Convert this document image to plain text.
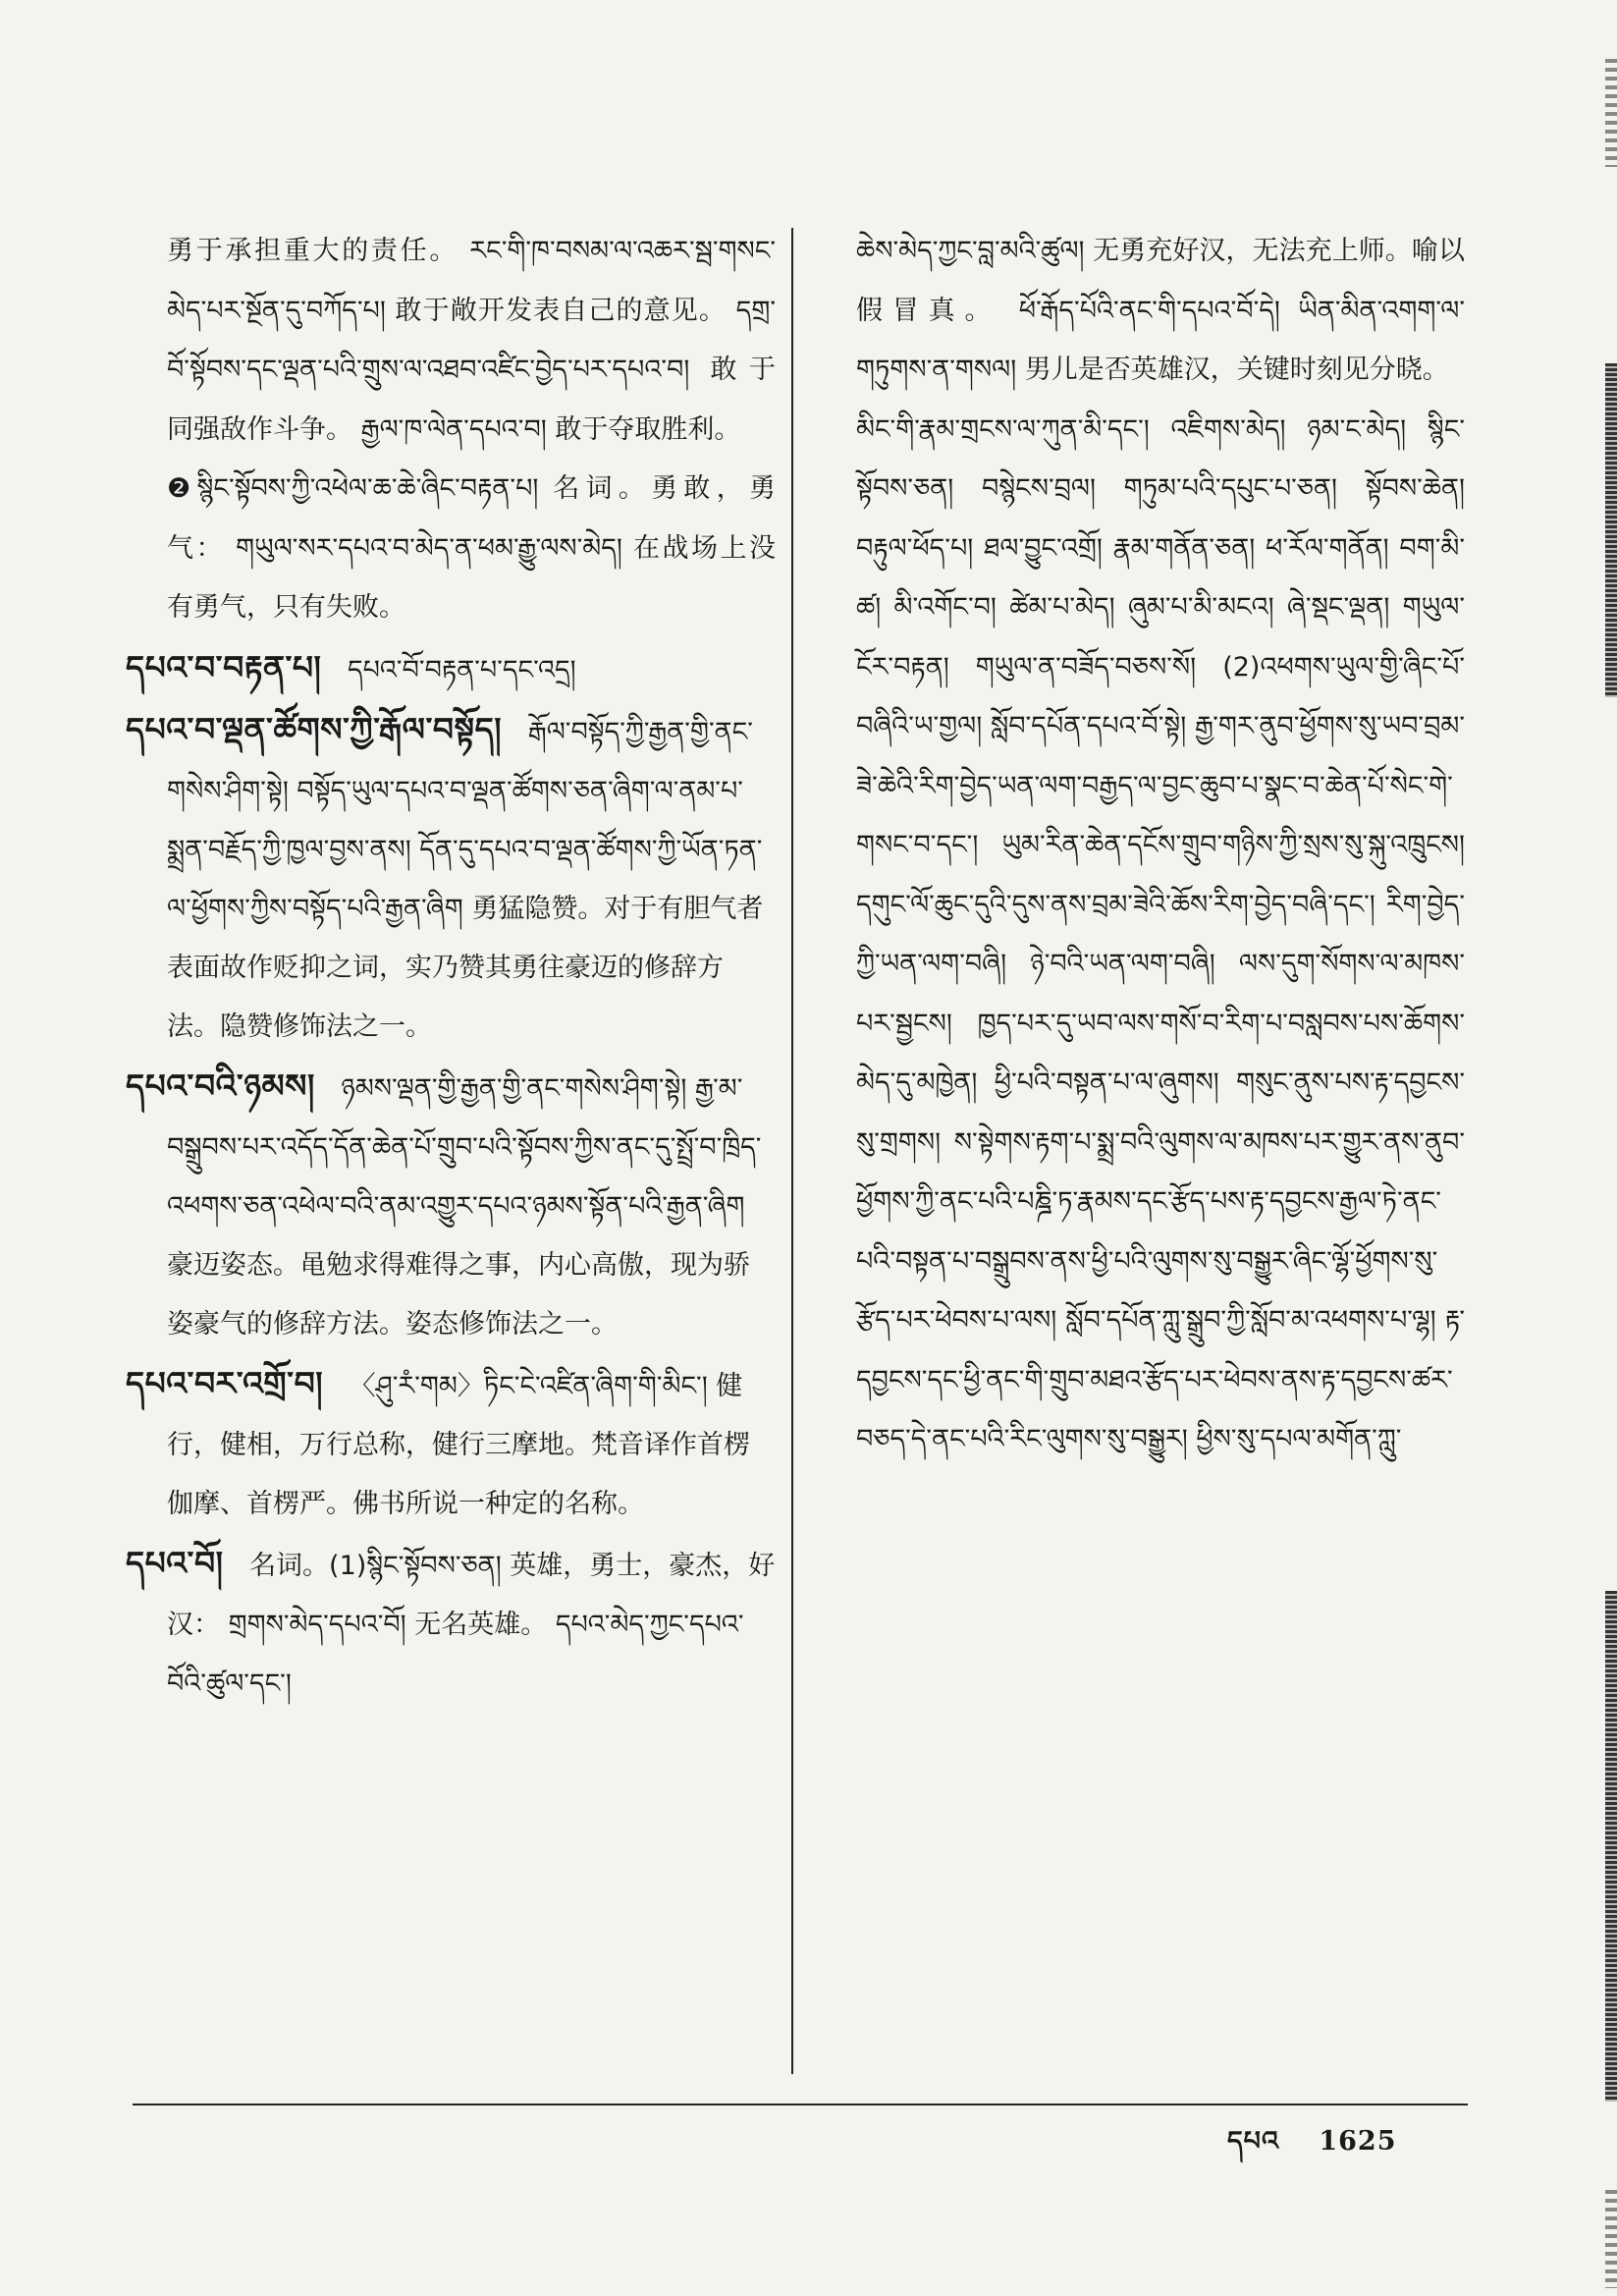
勇于承担重大的责任。 རང་གི་ཁ་བསམ་ལ་འཆར་སྦ་གསང་མེད་པར་སྔོན་དུ་བཀོད་པ། 敢于敞开发表自己的意见。 དགྲ་བོ་སྟོབས་དང་ལྡན་པའི་གྲུས་ལ་འཐབ་འཛིང་བྱེད་པར་དཔའ་བ། 敢于同强敌作斗争。 རྒྱལ་ཁ་ལེན་དཔའ་བ། 敢于夺取胜利。

❷སྙིང་སྟོབས་ཀྱི་འཕེལ་ཆ་ཆེ་ཞིང་བརྟན་པ། 名词。勇敢，勇气： གཡུལ་སར་དཔའ་བ་མེད་ན་ཕམ་རྒྱུ་ལས་མེད། 在战场上没有勇气，只有失败。

དཔའ་བ་བརྟན་པ། དཔའ་བོ་བརྟན་པ་དང་འདྲ།

དཔའ་བ་ལྡན་ཚོགས་ཀྱི་རྒོལ་བསྟོད། རྒོལ་བསྟོད་ཀྱི་རྒྱན་གྱི་ནང་གསེས་ཤིག་སྟེ། བསྟོད་ཡུལ་དཔའ་བ་ལྡན་ཚོགས་ཅན་ཞིག་ལ་ནམ་པ་སྨྲན་བརྗོད་ཀྱི་ཁྱལ་བྱས་ནས། དོན་དུ་དཔའ་བ་ལྡན་ཚོགས་ཀྱི་ཡོན་ཏན་ལ་ཕྱོགས་ཀྱིས་བསྟོད་པའི་རྒྱན་ཞིག 勇猛隐赞。对于有胆气者表面故作贬抑之词，实乃赞其勇往豪迈的修辞方法。隐赞修饰法之一。

དཔའ་བའི་ཉམས། ཉམས་ལྡན་གྱི་རྒྱན་གྱི་ནང་གསེས་ཤིག་སྟེ། རྒྱ་མ་བསྒྲུབས་པར་འདོད་དོན་ཆེན་པོ་གྲུབ་པའི་སྟོབས་ཀྱིས་ནང་དུ་སྤྲོ་བ་ཁྲིད་འཕགས་ཅན་འཕེལ་བའི་ནམ་འགྱུར་དཔའ་ཉམས་སྟོན་པའི་རྒྱན་ཞིག 豪迈姿态。黾勉求得难得之事，内心高傲，现为骄姿豪气的修辞方法。姿态修饰法之一。

དཔའ་བར་འགྲོ་བ། 〈ཤུ་རཾ་གམ〉ཏིང་ངེ་འཛིན་ཞིག་གི་མིང་། 健行，健相，万行总称，健行三摩地。梵音译作首楞伽摩、首楞严。佛书所说一种定的名称。

དཔའ་བོ། 名词。(1)སྙིང་སྟོབས་ཅན། 英雄，勇士，豪杰，好汉： གྲགས་མེད་དཔའ་བོ། 无名英雄。 དཔའ་མེད་ཀྱང་དཔའ་བོའི་ཚུལ་དང་།

ཆེས་མེད་ཀྱང་བླ་མའི་ཚུལ། 无勇充好汉，无法充上师。喻以假冒真。 ཕོ་རྒོད་པོའི་ནང་གི་དཔའ་བོ་དེ། ཡིན་མིན་འགག་ལ་གཏུགས་ན་གསལ། 男儿是否英雄汉，关键时刻见分晓。

མིང་གི་རྣམ་གྲངས་ལ་ཀུན་མི་དང་། འཇིགས་མེད། ཉམ་ང་མེད། སྙིང་སྟོབས་ཅན། བསྙེངས་བྲལ། གཏུམ་པའི་དཔུང་པ་ཅན། སྟོབས་ཆེན། བརྟུལ་ཕོད་པ། ཐལ་བྱུང་འགྲོ། རྣམ་གནོན་ཅན། ཕ་རོལ་གནོན། བག་མི་ཚ། མི་འགོང་བ། ཚེམ་པ་མེད། ཞུམ་པ་མི་མངའ། ཞེ་སྡང་ལྡན། གཡུལ་ངོར་བརྟན། གཡུལ་ན་བཟོད་བཅས་སོ། (2)འཕགས་ཡུལ་གྱི་ཞིང་པོ་བཞིའི་ཡ་གྱལ། སློབ་དཔོན་དཔའ་བོ་སྟེ། རྒྱ་གར་ནུབ་ཕྱོགས་སུ་ཡབ་བྲམ་ཟེ་ཆེའི་རིག་བྱེད་ཡན་ལག་བརྒྱད་ལ་བྱང་ཆུབ་པ་སྣང་བ་ཆེན་པོ་སེང་གེ་གསང་བ་དང་། ཡུམ་རིན་ཆེན་དངོས་གྲུབ་གཉིས་ཀྱི་སྲས་སུ་སྐུ་འཁྲུངས། དགུང་ལོ་ཆུང་དུའི་དུས་ནས་བྲམ་ཟེའི་ཆོས་རིག་བྱེད་བཞི་དང་། རིག་བྱེད་ཀྱི་ཡན་ལག་བཞི། ཉེ་བའི་ཡན་ལག་བཞི། ལས་དུག་སོགས་ལ་མཁས་པར་སྦྱངས། ཁྱད་པར་དུ་ཡབ་ལས་གསོ་བ་རིག་པ་བསླབས་པས་ཆོགས་མེད་དུ་མཁྱེན། ཕྱི་པའི་བསྟན་པ་ལ་ཞུགས། གསུང་ནུས་པས་རྟ་དབྱངས་སུ་གྲགས། ས་སྟེགས་རྟག་པ་སྨྲ་བའི་ལུགས་ལ་མཁས་པར་གྱུར་ནས་ནུབ་ཕྱོགས་ཀྱི་ནང་པའི་པཎྜི་ཏ་རྣམས་དང་རྩོད་པས་རྟ་དབྱངས་རྒྱལ་ཏེ་ནང་པའི་བསྟན་པ་བསྒྲུབས་ནས་ཕྱི་པའི་ལུགས་སུ་བསྒྱུར་ཞིང་ལྷོ་ཕྱོགས་སུ་རྩོད་པར་ཕེབས་པ་ལས། སློབ་དཔོན་ཀླུ་སྒྲུབ་ཀྱི་སློབ་མ་འཕགས་པ་ལྷ། རྟ་དབྱངས་དང་ཕྱི་ནང་གི་གྲུབ་མཐའ་རྩོད་པར་ཕེབས་ནས་རྟ་དབྱངས་ཚར་བཅད་དེ་ནང་པའི་རིང་ལུགས་སུ་བསྒྱུར། ཕྱིས་སུ་དཔལ་མགོན་ཀླུ་

དཔའ 1625
